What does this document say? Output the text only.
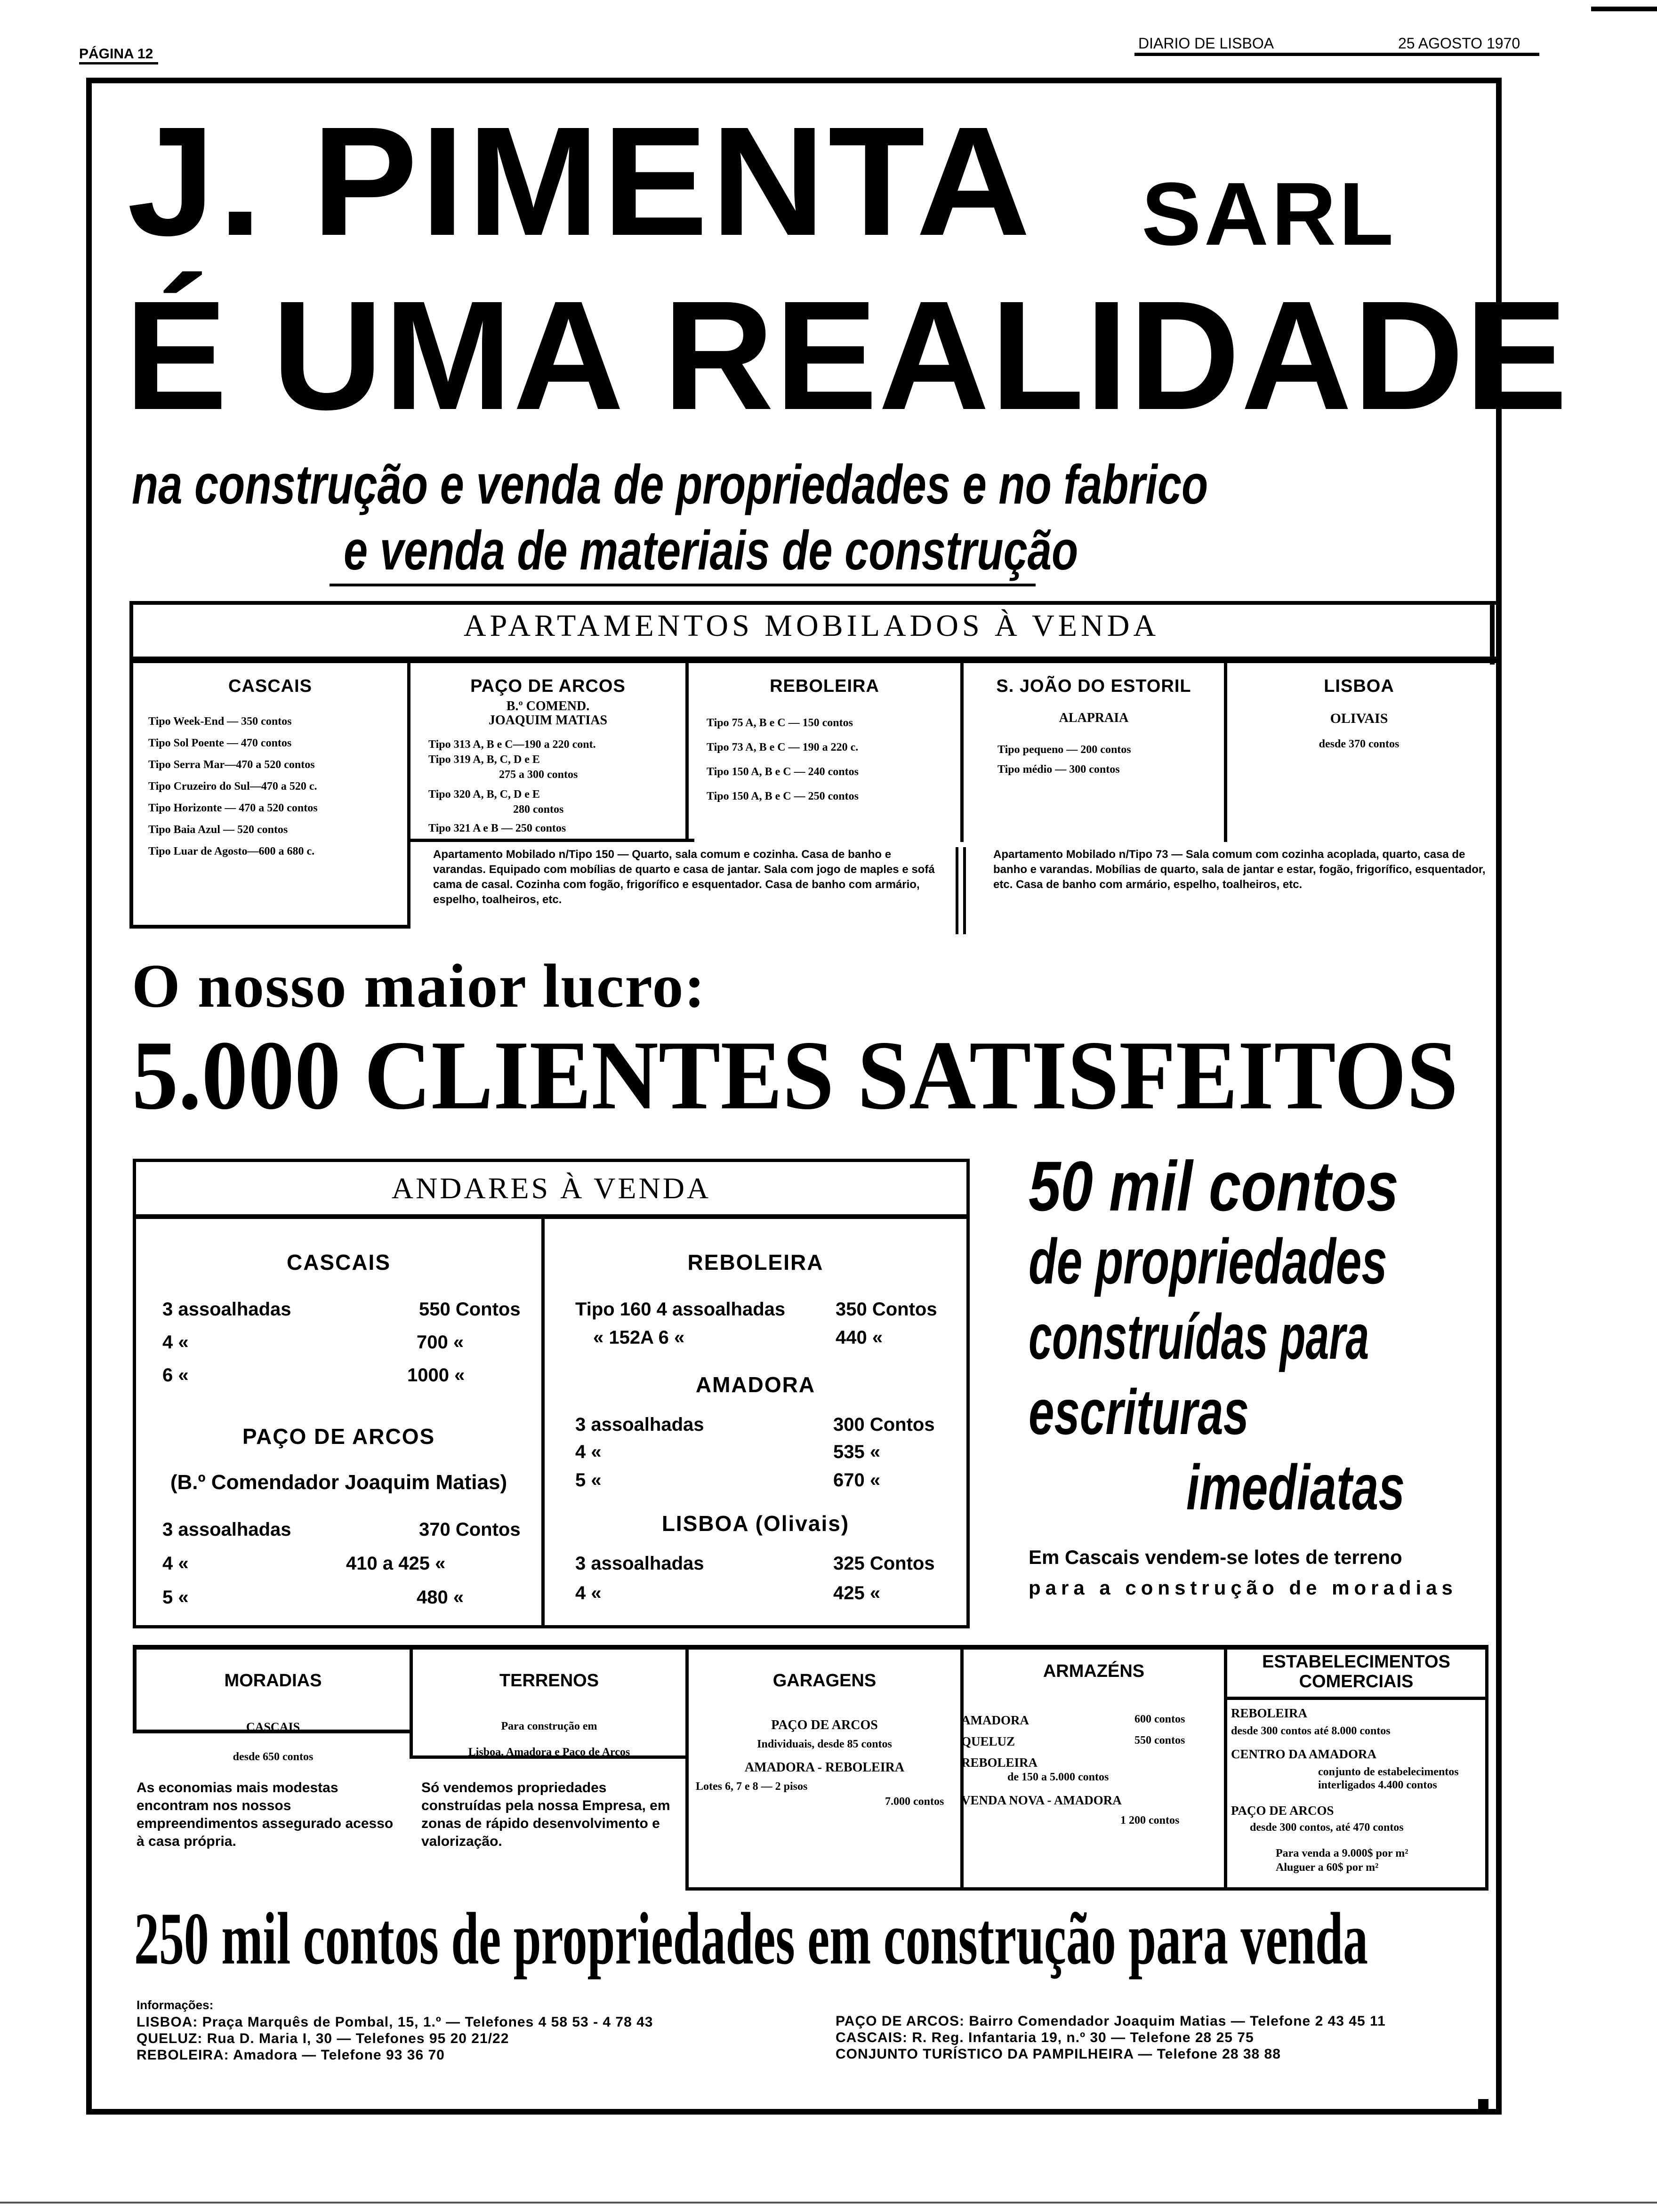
PÁGINA 12
DIARIO DE LISBOA	25 AGOSTO 1970
J. PIMENTA SARL
É UMA REALIDADE
na construção e venda de propriedades e no fabrico
e venda de materiais de construção
APARTAMENTOS MOBILADOS À VENDA
CASCAIS
Tipo Week-End — 350 contos
Tipo Sol Poente — 470 contos
Tipo Serra Mar—470 a 520 contos
Tipo Cruzeiro do Sul—470 a 520 c.
Tipo Horizonte — 470 a 520 contos
Tipo Baia Azul — 520 contos
Tipo Luar de Agosto—600 a 680 c.
PAÇO DE ARCOS
B.º COMEND.
JOAQUIM MATIAS
Tipo 313 A, B e C—190 a 220 cont.
Tipo 319 A, B, C, D e E
275 a 300 contos
Tipo 320 A, B, C, D e E
280 contos
Tipo 321 A e B — 250 contos
REBOLEIRA
Tipo 75 A, B e C — 150 contos
Tipo 73 A, B e C — 190 a 220 c.
Tipo 150 A, B e C — 240 contos
Tipo 150 A, B e C — 250 contos
S. JOÃO DO ESTORIL
ALAPRAIA
Tipo pequeno — 200 contos
Tipo médio — 300 contos
LISBOA
OLIVAIS
desde 370 contos
Apartamento Mobilado n/Tipo 150 — Quarto, sala comum e cozinha. Casa de banho e varandas. Equipado com mobílias de quarto e casa de jantar. Sala com jogo de maples e sofá cama de casal. Cozinha com fogão, frigorífico e esquentador. Casa de banho com armário, espelho, toalheiros, etc.
Apartamento Mobilado n/Tipo 73 — Sala comum com cozinha acoplada, quarto, casa de banho e varandas. Mobílias de quarto, sala de jantar e estar, fogão, frigorífico, esquentador, etc. Casa de banho com armário, espelho, toalheiros, etc.
O nosso maior lucro:
5.000 CLIENTES SATISFEITOS
ANDARES À VENDA
CASCAIS
3 assoalhadas	550 Contos
4 «	700 «
6 «	1000 «
PAÇO DE ARCOS
(B.º Comendador Joaquim Matias)
3 assoalhadas	370 Contos
4 «	410 a 425 «
5 «	480 «
REBOLEIRA
Tipo 160 4 assoalhadas	350 Contos
« 152A 6 «	440 «
AMADORA
3 assoalhadas	300 Contos
4 «	535 «
5 «	670 «
LISBOA (Olivais)
3 assoalhadas	325 Contos
4 «	425 «
50 mil contos
de propriedades
construídas para
escrituras
imediatas
Em Cascais vendem-se lotes de terreno
para a construção de moradias
MORADIAS
CASCAIS
desde 650 contos
As economias mais modestas encontram nos nossos empreendimentos assegurado acesso à casa própria.
TERRENOS
Para construção em
Lisboa, Amadora e Paço de Arcos
Só vendemos propriedades construídas pela nossa Empresa, em zonas de rápido desenvolvimento e valorização.
GARAGENS
PAÇO DE ARCOS
Individuais, desde 85 contos
AMADORA - REBOLEIRA
Lotes 6, 7 e 8 — 2 pisos
7.000 contos
ARMAZÉNS
AMADORA	600 contos
QUELUZ	550 contos
REBOLEIRA
de 150 a 5.000 contos
VENDA NOVA - AMADORA
1 200 contos
ESTABELECIMENTOS
COMERCIAIS
REBOLEIRA
desde 300 contos até 8.000 contos
CENTRO DA AMADORA
conjunto de estabelecimentos
interligados 4.400 contos
PAÇO DE ARCOS
desde 300 contos, até 470 contos
Para venda a 9.000$ por m²
Aluguer a 60$ por m²
250 mil contos de propriedades em construção para venda
Informações:
LISBOA: Praça Marquês de Pombal, 15, 1.º — Telefones 4 58 53 - 4 78 43
QUELUZ: Rua D. Maria I, 30 — Telefones 95 20 21/22
REBOLEIRA: Amadora — Telefone 93 36 70
PAÇO DE ARCOS: Bairro Comendador Joaquim Matias — Telefone 2 43 45 11
CASCAIS: R. Reg. Infantaria 19, n.º 30 — Telefone 28 25 75
CONJUNTO TURÍSTICO DA PAMPILHEIRA — Telefone 28 38 88
